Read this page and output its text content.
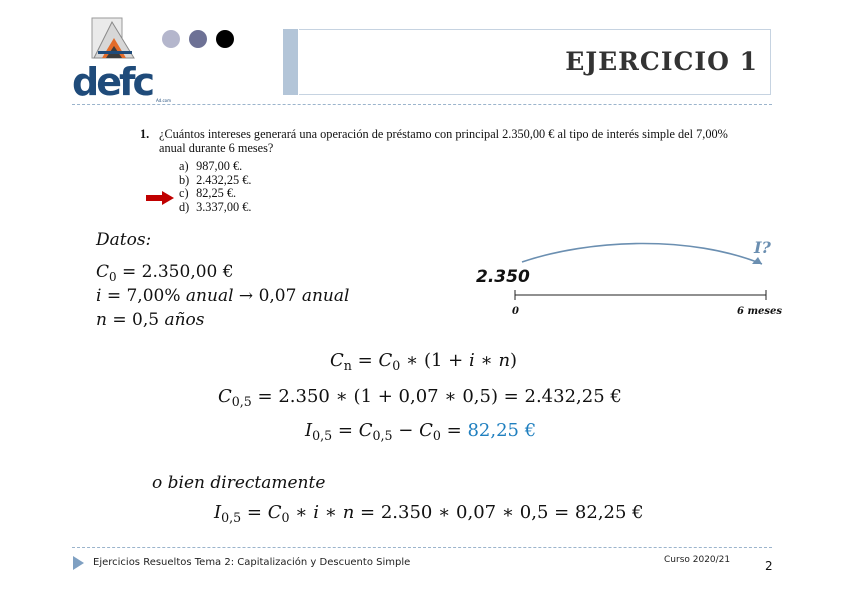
defc Ad.com
EJERCICIO 1
1. ¿Cuántos intereses generará una operación de préstamo con principal 2.350,00 € al tipo de interés simple del 7,00% anual durante 6 meses?
a) 987,00 €.
b) 2.432,25 €.
c) 82,25 €.
d) 3.337,00 €.
Datos:
$C_0 = 2.350,00$ €
i = 7,00% anual → 0,07 anual
n = 0,5 años
2.350
I?
0	6 meses
$C_n = C_0$ ∗ (1 + i ∗ n)
$C_{0,5} = 2.350$ ∗ (1 + 0,07 ∗ 0,5) = 2.432,25 €
$I_{0,5} = C_{0,5} - C_0 = 82,25$ €
o bien directamente
$I_{0,5} = C_0$ ∗ i ∗ n = 2.350 ∗ 0,07 ∗ 0,5 = 82,25 €
Ejercicios Resueltos Tema 2: Capitalización y Descuento Simple	Curso 2020/21	2
